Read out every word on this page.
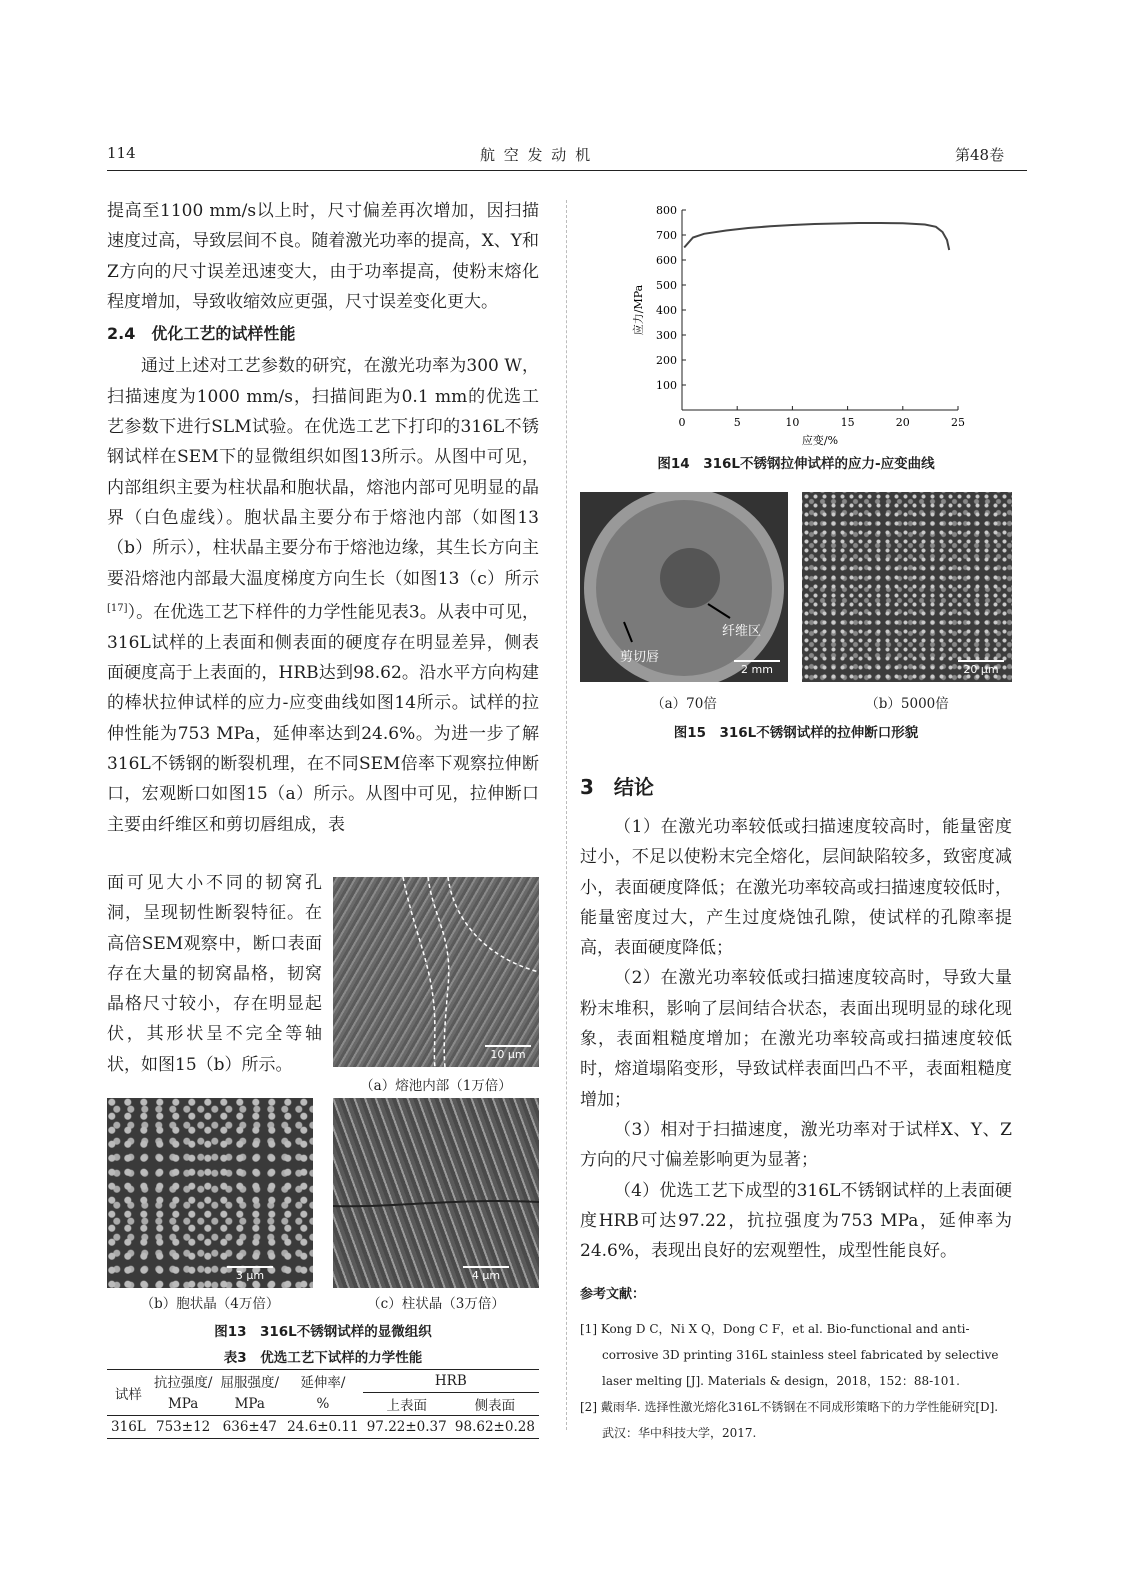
114	航 空 发 动 机	第48卷

提高至1100 mm/s以上时，尺寸偏差再次增加，因扫描速度过高，导致层间不良。随着激光功率的提高，X、Y和Z方向的尺寸误差迅速变大，由于功率提高，使粉末熔化程度增加，导致收缩效应更强，尺寸误差变化更大。

2.4　优化工艺的试样性能

通过上述对工艺参数的研究，在激光功率为300 W，扫描速度为1000 mm/s，扫描间距为0.1 mm的优选工艺参数下进行SLM试验。在优选工艺下打印的316L不锈钢试样在SEM下的显微组织如图13所示。从图中可见，内部组织主要为柱状晶和胞状晶，熔池内部可见明显的晶界（白色虚线）。胞状晶主要分布于熔池内部（如图13（b）所示），柱状晶主要分布于熔池边缘，其生长方向主要沿熔池内部最大温度梯度方向生长（如图13（c）所示[17]）。在优选工艺下样件的力学性能见表3。从表中可见，316L试样的上表面和侧表面的硬度存在明显差异，侧表面硬度高于上表面的，HRB达到98.62。沿水平方向构建的棒状拉伸试样的应力-应变曲线如图14所示。试样的拉伸性能为753 MPa，延伸率达到24.6%。为进一步了解316L不锈钢的断裂机理，在不同SEM倍率下观察拉伸断口，宏观断口如图15（a）所示。从图中可见，拉伸断口主要由纤维区和剪切唇组成，表

面可见大小不同的韧窝孔洞，呈现韧性断裂特征。在高倍SEM观察中，断口表面存在大量的韧窝晶格，韧窝晶格尺寸较小，存在明显起伏，其形状呈不完全等轴状，如图15（b）所示。

10 μm
（a）熔池内部（1万倍）
3 μm
（b）胞状晶（4万倍）
4 μm
（c）柱状晶（3万倍）
图13　316L不锈钢试样的显微组织
表3　优选工艺下试样的力学性能
试样	抗拉强度/	屈服强度/	延伸率/	HRB	
	MPa	MPa	%	上表面	侧表面
316L	753±12	636±47	24.6±0.11	97.22±0.37	98.62±0.28
100
200
300
400
500
600
700
800
0	5	10	15	20	25
应变/%
应力/MPa
图14　316L不锈钢拉伸试样的应力-应变曲线
纤维区
剪切唇
2 mm
（a）70倍
20 μm
（b）5000倍
图15　316L不锈钢试样的拉伸断口形貌
3　结论

（1）在激光功率较低或扫描速度较高时，能量密度过小，不足以使粉末完全熔化，层间缺陷较多，致密度减小，表面硬度降低；在激光功率较高或扫描速度较低时，能量密度过大，产生过度烧蚀孔隙，使试样的孔隙率提高，表面硬度降低；

（2）在激光功率较低或扫描速度较高时，导致大量粉末堆积，影响了层间结合状态，表面出现明显的球化现象，表面粗糙度增加；在激光功率较高或扫描速度较低时，熔道塌陷变形，导致试样表面凹凸不平，表面粗糙度增加；

（3）相对于扫描速度，激光功率对于试样X、Y、Z方向的尺寸偏差影响更为显著；

（4）优选工艺下成型的316L不锈钢试样的上表面硬度HRB可达97.22，抗拉强度为753 MPa，延伸率为24.6%，表现出良好的宏观塑性，成型性能良好。

参考文献：

[1] Kong D C，Ni X Q，Dong C F，et al. Bio-functional and anti-corrosive 3D printing 316L stainless steel fabricated by selective laser melting [J]. Materials & design，2018，152：88-101.

[2] 戴雨华. 选择性激光熔化316L不锈钢在不同成形策略下的力学性能研究[D]. 武汉：华中科技大学，2017.
